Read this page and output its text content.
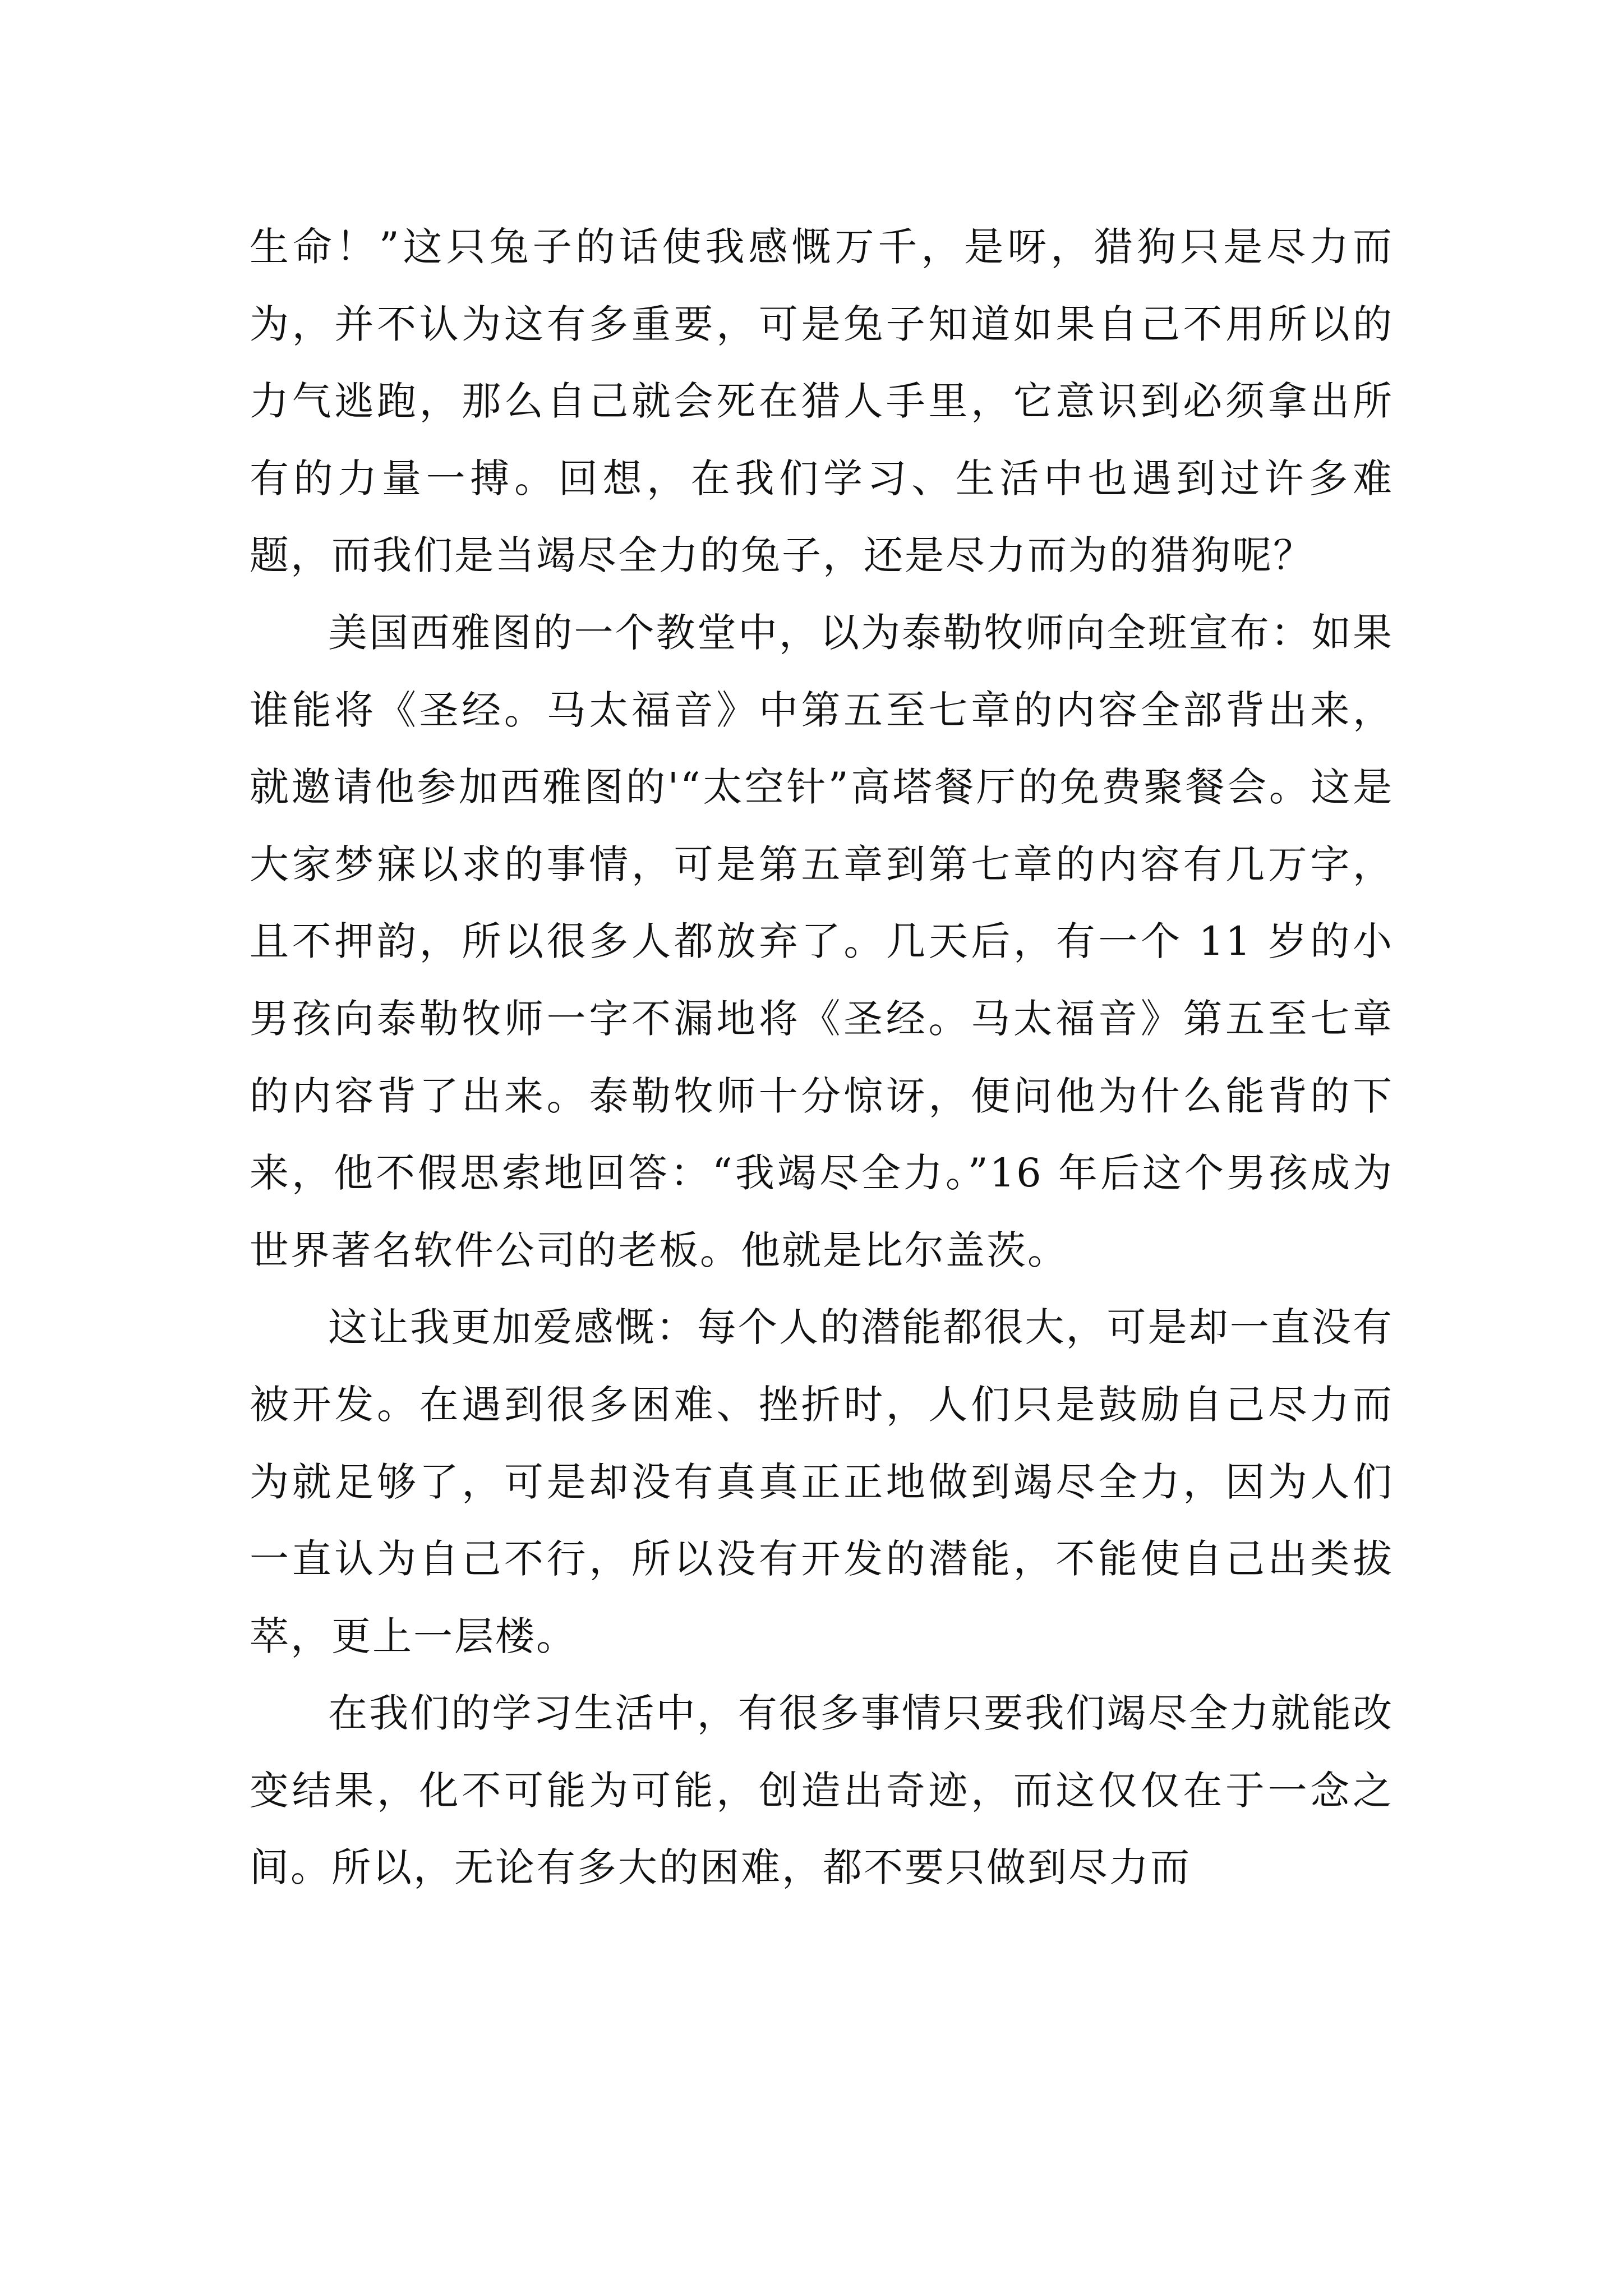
生命！”这只兔子的话使我感慨万千，是呀，猎狗只是尽力而为，并不认为这有多重要，可是兔子知道如果自己不用所以的力气逃跑，那么自己就会死在猎人手里，它意识到必须拿出所有的力量一搏。回想，在我们学习、生活中也遇到过许多难题，而我们是当竭尽全力的兔子，还是尽力而为的猎狗呢？

美国西雅图的一个教堂中，以为泰勒牧师向全班宣布：如果谁能将《圣经。马太福音》中第五至七章的内容全部背出来，就邀请他参加西雅图的'“太空针”高塔餐厅的免费聚餐会。这是大家梦寐以求的事情，可是第五章到第七章的内容有几万字，且不押韵，所以很多人都放弃了。几天后，有一个 11 岁的小男孩向泰勒牧师一字不漏地将《圣经。马太福音》第五至七章的内容背了出来。泰勒牧师十分惊讶，便问他为什么能背的下来，他不假思索地回答：“我竭尽全力。”16 年后这个男孩成为世界著名软件公司的老板。他就是比尔盖茨。

这让我更加爱感慨：每个人的潜能都很大，可是却一直没有被开发。在遇到很多困难、挫折时，人们只是鼓励自己尽力而为就足够了，可是却没有真真正正地做到竭尽全力，因为人们一直认为自己不行，所以没有开发的潜能，不能使自己出类拔萃，更上一层楼。

在我们的学习生活中，有很多事情只要我们竭尽全力就能改变结果，化不可能为可能，创造出奇迹，而这仅仅在于一念之间。所以，无论有多大的困难，都不要只做到尽力而
